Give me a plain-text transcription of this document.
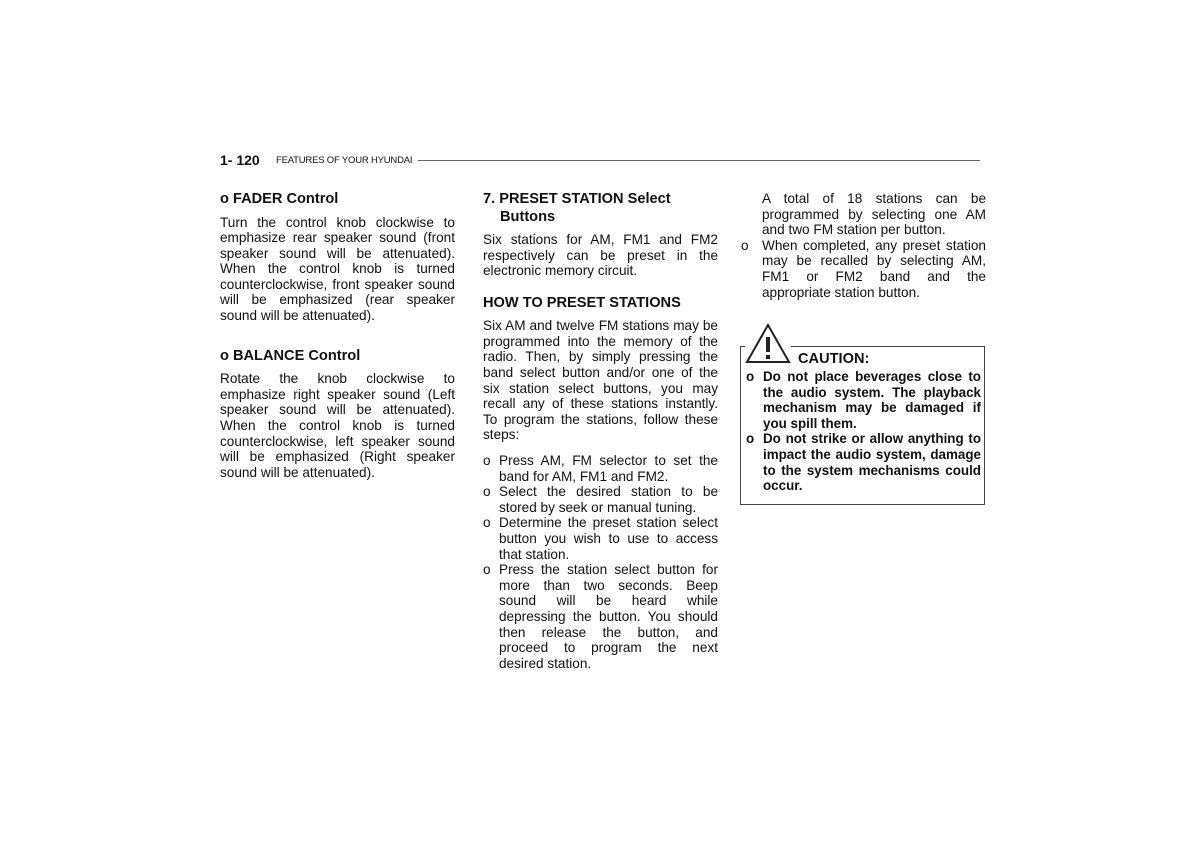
1- 120 FEATURES OF YOUR HYUNDAI
o FADER Control

Turn the control knob clockwise to emphasize rear speaker sound (front speaker sound will be attenuated). When the control knob is turned counterclockwise, front speaker sound will be emphasized (rear speaker sound will be attenuated).

o BALANCE Control

Rotate the knob clockwise to emphasize right speaker sound (Left speaker sound will be attenuated). When the control knob is turned counterclockwise, left speaker sound will be emphasized (Right speaker sound will be attenuated).

7. PRESET STATION Select Buttons

Six stations for AM, FM1 and FM2 respectively can be preset in the electronic memory circuit.

HOW TO PRESET STATIONS

Six AM and twelve FM stations may be programmed into the memory of the radio. Then, by simply pressing the band select button and/or one of the six station select buttons, you may recall any of these stations instantly. To program the stations, follow these steps:

o Press AM, FM selector to set the band for AM, FM1 and FM2.
o Select the desired station to be stored by seek or manual tuning.
o Determine the preset station select button you wish to use to access that station.
o Press the station select button for more than two seconds. Beep sound will be heard while depressing the button. You should then release the button, and proceed to program the next desired station.

A total of 18 stations can be programmed by selecting one AM and two FM station per button.

o When completed, any preset station may be recalled by selecting AM, FM1 or FM2 band and the appropriate station button.
CAUTION:
o Do not place beverages close to the audio system. The playback mechanism may be damaged if you spill them.
o Do not strike or allow anything to impact the audio system, damage to the system mechanisms could occur.
